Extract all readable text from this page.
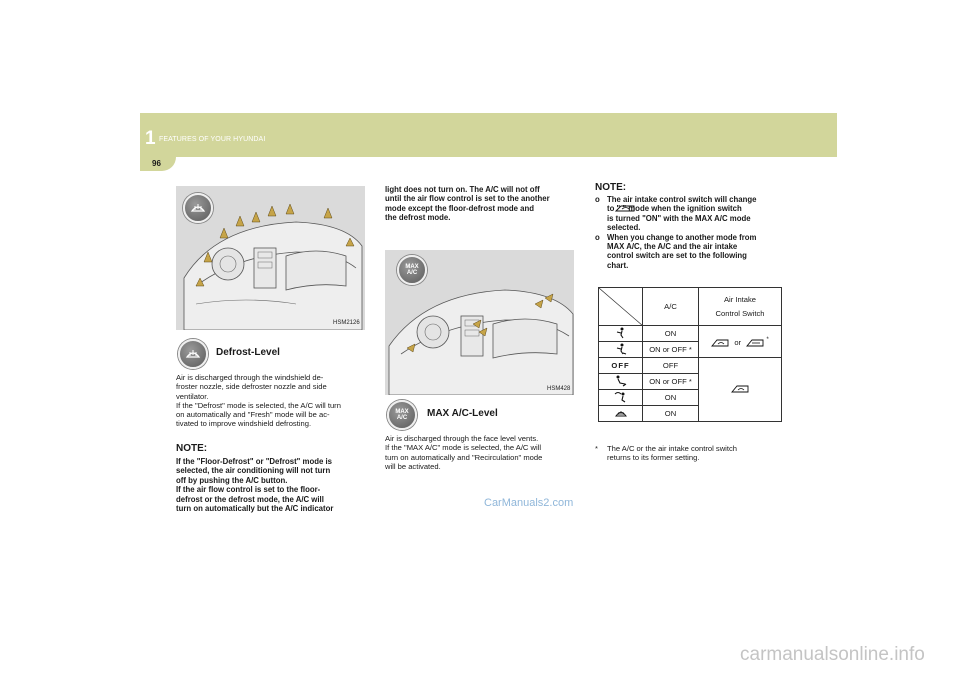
1 FEATURES OF YOUR HYUNDAI
96
HSM2126
Defrost-Level
Air is discharged through the windshield de-
froster nozzle, side defroster nozzle and side
ventilator.
If the "Defrost" mode is selected, the A/C will turn
on automatically and "Fresh" mode will be ac-
tivated to improve windshield defrosting.
NOTE:
If the "Floor-Defrost" or "Defrost" mode is
selected, the air conditioning will not turn
off by pushing the A/C button.
If the air flow control is set to the floor-
defrost or the defrost mode, the A/C will
turn on automatically but the A/C indicator
light does not turn on. The A/C will not off
until the air flow control is set to the another
mode except the floor-defrost mode and
the defrost mode.
MAX
A/C
HSM428
MAX
A/C	MAX A/C-Level
Air is discharged through the face level vents.
If the "MAX A/C" mode is selected, the A/C will
turn on automatically and "Recirculation" mode
will be activated.
CarManuals2.com
NOTE:
o The air intake control switch will change
to " " mode when the ignition switch
is turned "ON" with the MAX A/C mode
selected.
o When you change to another mode from
MAX A/C, the A/C and the air intake
control switch are set to the following
chart.
	A/C	Air Intake
Control Switch

	ON	or *
	ON or OFF *	
OFF	OFF	
	ON or OFF *	
	ON	
	ON	
*	The A/C or the air intake control switch
returns to its former setting.
carmanualsonline.info
